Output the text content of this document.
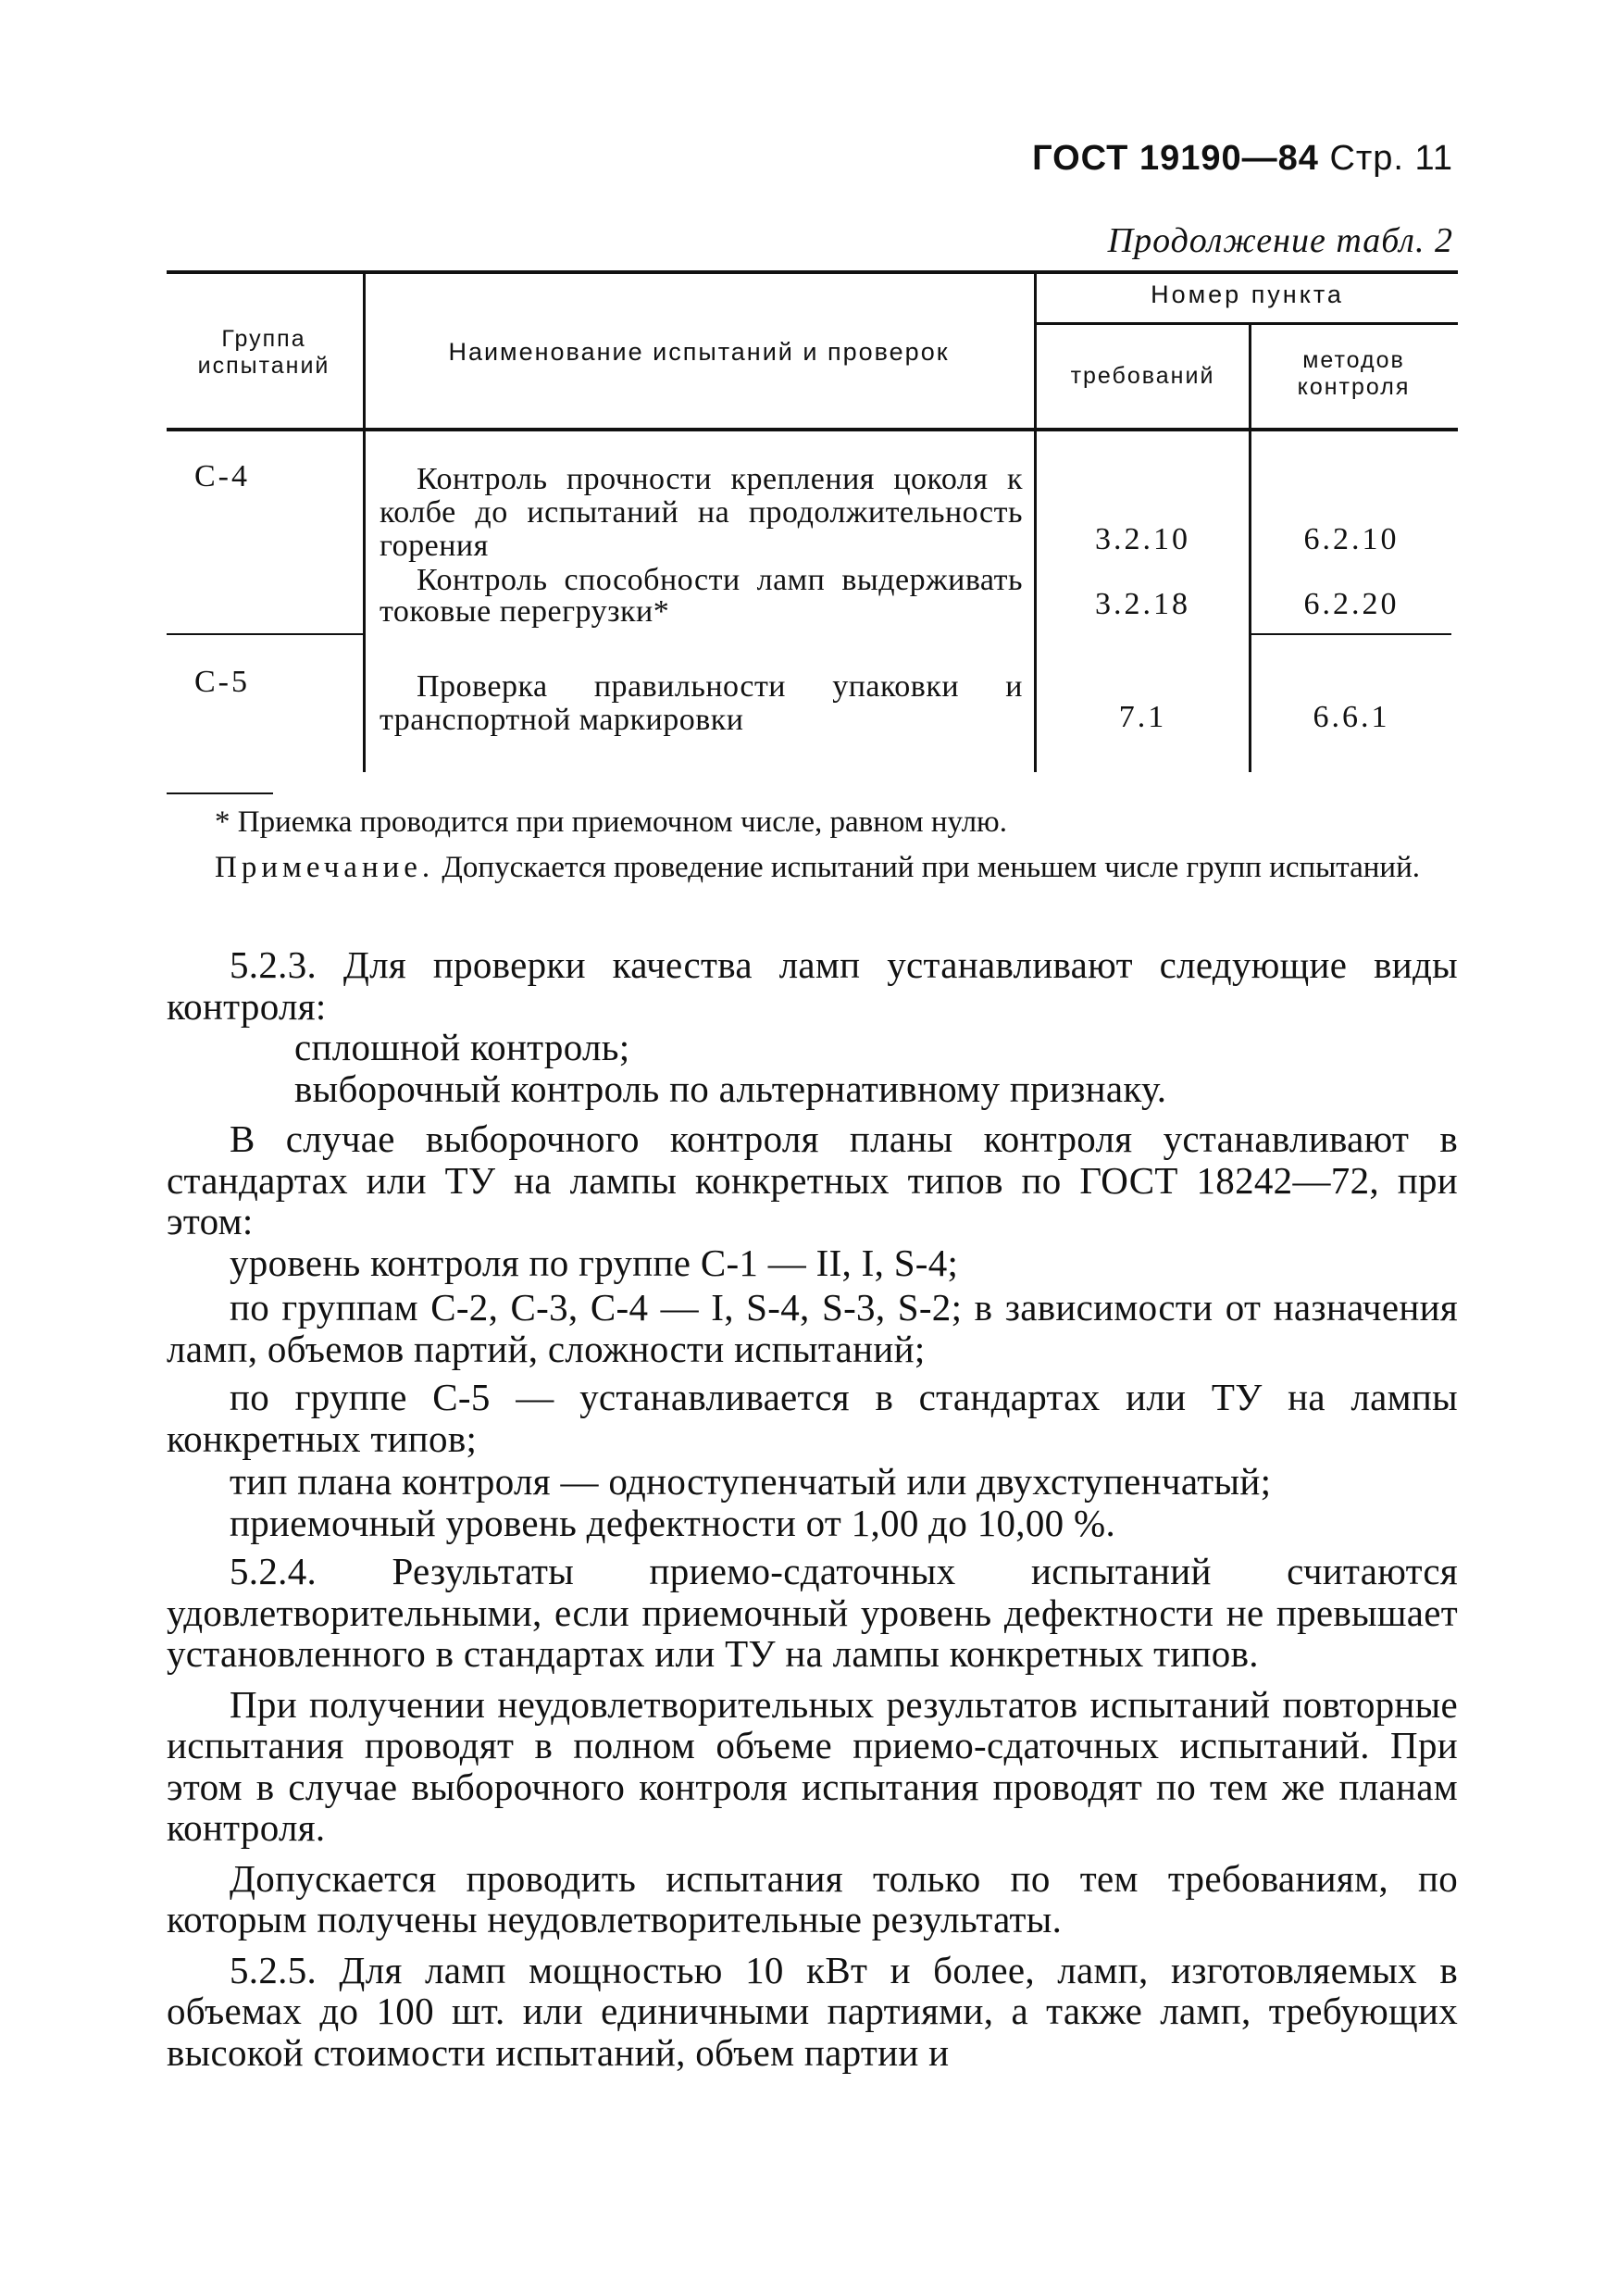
ГОСТ 19190—84 Стр. 11
Продолжение табл. 2
Группа испытаний	Наименование испытаний и проверок
Номер пункта
требований
методов контроля
С-4	Контроль прочности крепления цоколя к колбе до испытаний на продолжительность горения	3.2.10	6.2.10
Контроль способности ламп выдерживать токовые перегрузки*	3.2.18	6.2.20
С-5	Проверка правильности упаковки и транспортной маркировки	7.1	6.6.1
* Приемка проводится при приемочном числе, равном нулю.
Примечание. Допускается проведение испытаний при меньшем числе групп испытаний.

5.2.3. Для проверки качества ламп устанавливают следующие виды контроля:

сплошной контроль;

выборочный контроль по альтернативному признаку.

В случае выборочного контроля планы контроля устанавливают в стандартах или ТУ на лампы конкретных типов по ГОСТ 18242—72, при этом:

уровень контроля по группе С-1 — II, I, S-4;

по группам С-2, С-3, С-4 — I, S-4, S-3, S-2; в зависимости от назначения ламп, объемов партий, сложности испытаний;

по группе С-5 — устанавливается в стандартах или ТУ на лампы конкретных типов;

тип плана контроля — одноступенчатый или двухступенчатый;

приемочный уровень дефектности от 1,00 до 10,00 %.

5.2.4. Результаты приемо-сдаточных испытаний считаются удовлетворительными, если приемочный уровень дефектности не превышает установленного в стандартах или ТУ на лампы конкретных типов.

При получении неудовлетворительных результатов испытаний повторные испытания проводят в полном объеме приемо-сдаточных испытаний. При этом в случае выборочного контроля испытания проводят по тем же планам контроля.

Допускается проводить испытания только по тем требованиям, по которым получены неудовлетворительные результаты.

5.2.5. Для ламп мощностью 10 кВт и более, ламп, изготовляемых в объемах до 100 шт. или единичными партиями, а также ламп, требующих высокой стоимости испытаний, объем партии и
